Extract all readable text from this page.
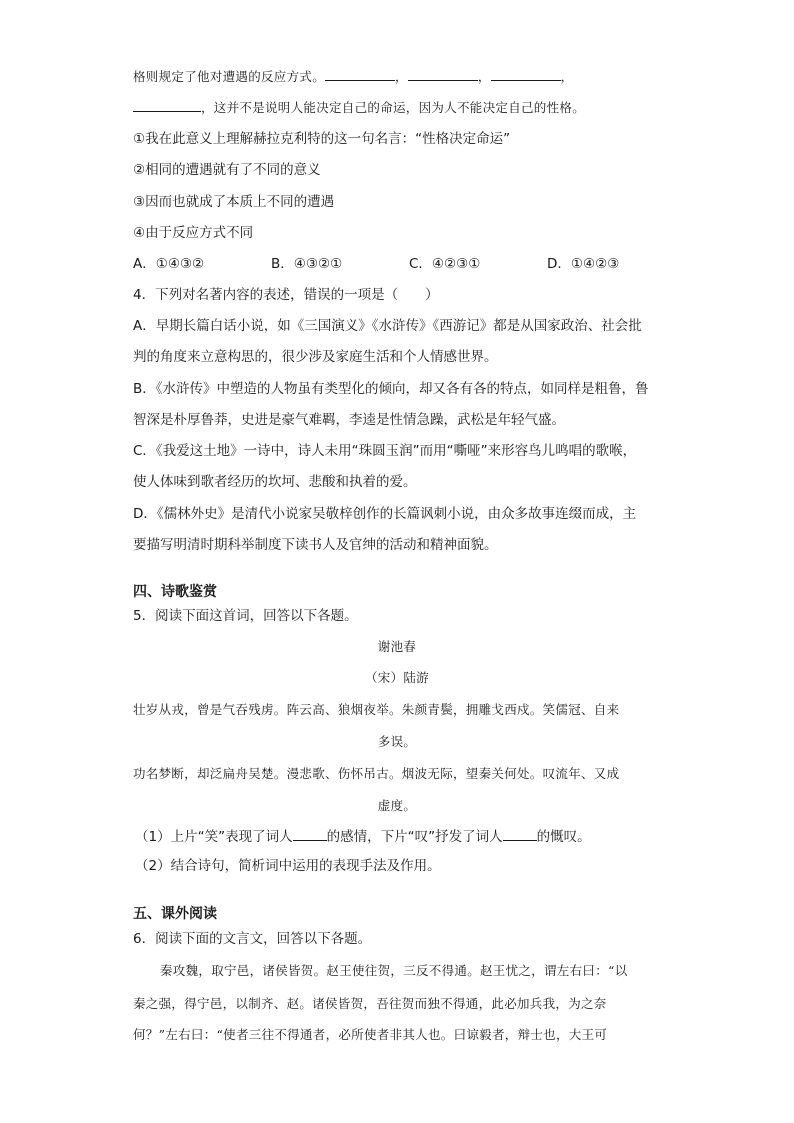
格则规定了他对遭遇的反应方式。	，	，	，
，这并不是说明人能决定自己的命运，因为人不能决定自己的性格。
①我在此意义上理解赫拉克利特的这一句名言：“性格决定命运”
②相同的遭遇就有了不同的意义
③因而也就成了本质上不同的遭遇
④由于反应方式不同
A．①④③②	B．④③②①	C．④②③①	D．①④②③
4．下列对名著内容的表述，错误的一项是（　　）
A．早期长篇白话小说，如《三国演义》《水浒传》《西游记》都是从国家政治、社会批
判的角度来立意构思的，很少涉及家庭生活和个人情感世界。
B．《水浒传》中塑造的人物虽有类型化的倾向，却又各有各的特点，如同样是粗鲁，鲁
智深是朴厚鲁莽，史进是豪气难羁，李逵是性情急躁，武松是年轻气盛。
C．《我爱这土地》一诗中，诗人未用“珠圆玉润”而用“嘶哑”来形容鸟儿鸣唱的歌喉，
使人体味到歌者经历的坎坷、悲酸和执着的爱。
D．《儒林外史》是清代小说家吴敬梓创作的长篇讽刺小说，由众多故事连缀而成，主
要描写明清时期科举制度下读书人及官绅的活动和精神面貌。
四、诗歌鉴赏
5．阅读下面这首词，回答以下各题。
谢池春
（宋）陆游
壮岁从戎，曾是气吞残虏。阵云高、狼烟夜举。朱颜青鬓，拥雕戈西戍。笑儒冠、自来
多误。
功名梦断，却泛扁舟吴楚。漫悲歌、伤怀吊古。烟波无际，望秦关何处。叹流年、又成
虚度。
（1）上片“笑”表现了词人	的感情，下片“叹”抒发了词人	的慨叹。
（2）结合诗句，简析词中运用的表现手法及作用。
五、课外阅读
6．阅读下面的文言文，回答以下各题。
秦攻魏，取宁邑，诸侯皆贺。赵王使往贺，三反不得通。赵王忧之，谓左右曰：“以
秦之强，得宁邑，以制齐、赵。诸侯皆贺，吾往贺而独不得通，此必加兵我，为之奈
何？”左右曰：“使者三往不得通者，必所使者非其人也。曰谅毅者，辩士也，大王可
